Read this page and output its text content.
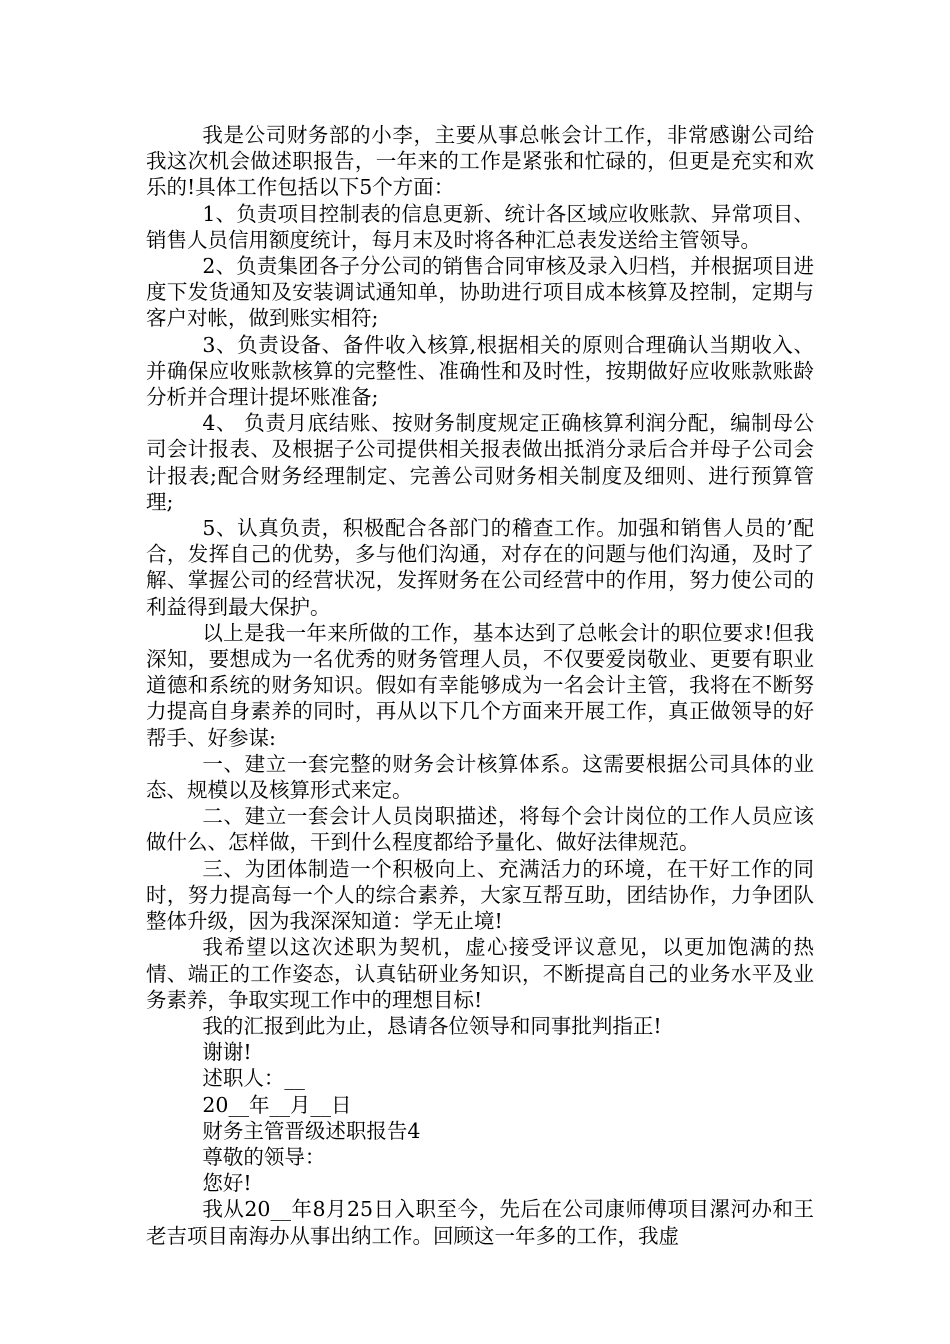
我是公司财务部的小李，主要从事总帐会计工作，非常感谢公司给我这次机会做述职报告，一年来的工作是紧张和忙碌的，但更是充实和欢乐的!具体工作包括以下5个方面：

1、负责项目控制表的信息更新、统计各区域应收账款、异常项目、销售人员信用额度统计，每月末及时将各种汇总表发送给主管领导。

2、负责集团各子分公司的销售合同审核及录入归档，并根据项目进度下发货通知及安装调试通知单，协助进行项目成本核算及控制，定期与客户对帐，做到账实相符;

3、负责设备、备件收入核算,根据相关的原则合理确认当期收入、并确保应收账款核算的完整性、准确性和及时性，按期做好应收账款账龄分析并合理计提坏账准备;

4、 负责月底结账、按财务制度规定正确核算利润分配，编制母公司会计报表、及根据子公司提供相关报表做出抵消分录后合并母子公司会计报表;配合财务经理制定、完善公司财务相关制度及细则、进行预算管理;

5、认真负责，积极配合各部门的稽查工作。加强和销售人员的’配合，发挥自己的优势，多与他们沟通，对存在的问题与他们沟通，及时了解、掌握公司的经营状况，发挥财务在公司经营中的作用，努力使公司的利益得到最大保护。

以上是我一年来所做的工作，基本达到了总帐会计的职位要求!但我深知，要想成为一名优秀的财务管理人员，不仅要爱岗敬业、更要有职业道德和系统的财务知识。假如有幸能够成为一名会计主管，我将在不断努力提高自身素养的同时，再从以下几个方面来开展工作，真正做领导的好帮手、好参谋:

一、建立一套完整的财务会计核算体系。这需要根据公司具体的业态、规模以及核算形式来定。

二、建立一套会计人员岗职描述，将每个会计岗位的工作人员应该做什么、怎样做，干到什么程度都给予量化、做好法律规范。

三、为团体制造一个积极向上、充满活力的环境，在干好工作的同时，努力提高每一个人的综合素养，大家互帮互助，团结协作，力争团队整体升级，因为我深深知道：学无止境!

我希望以这次述职为契机，虚心接受评议意见，以更加饱满的热情、端正的工作姿态，认真钻研业务知识，不断提高自己的业务水平及业务素养，争取实现工作中的理想目标!

我的汇报到此为止，恳请各位领导和同事批判指正!

谢谢!

述职人：__

20__年__月__日

财务主管晋级述职报告4

尊敬的领导：

您好!

我从20__年8月25日入职至今，先后在公司康师傅项目漯河办和王老吉项目南海办从事出纳工作。回顾这一年多的工作，我虚
